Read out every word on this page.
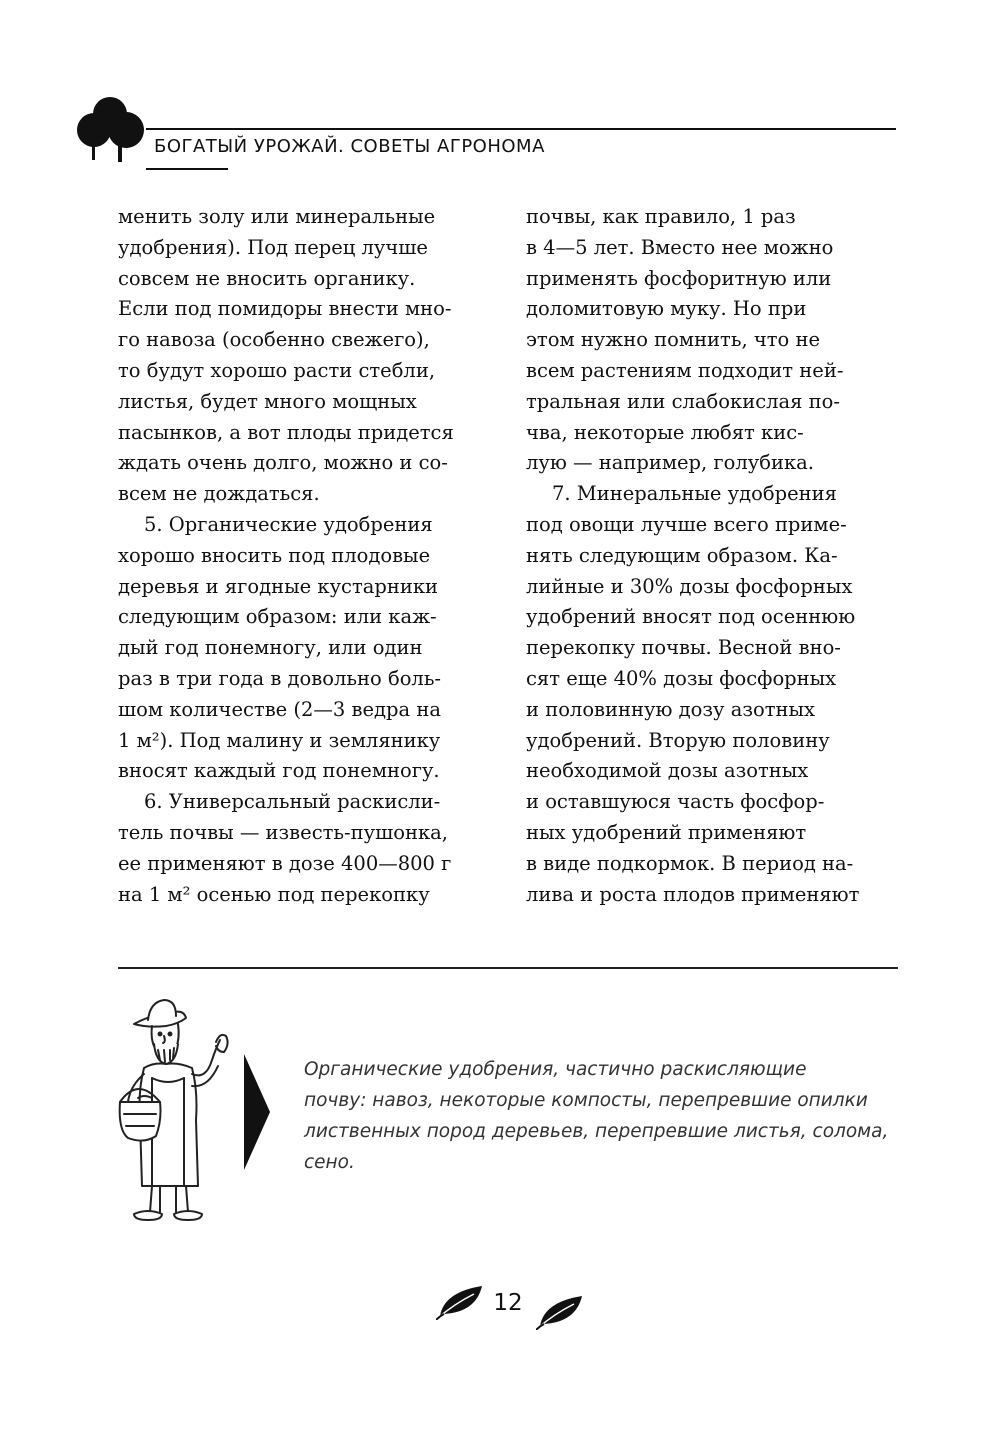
БОГАТЫЙ УРОЖАЙ. СОВЕТЫ АГРОНОМА
менить золу или минеральные
удобрения). Под перец лучше
совсем не вносить органику.
Если под помидоры внести мно-
го навоза (особенно свежего),
то будут хорошо расти стебли,
листья, будет много мощных
пасынков, а вот плоды придется
ждать очень долго, можно и со-
всем не дождаться.
5. Органические удобрения
хорошо вносить под плодовые
деревья и ягодные кустарники
следующим образом: или каж-
дый год понемногу, или один
раз в три года в довольно боль-
шом количестве (2—3 ведра на
1 м²). Под малину и землянику
вносят каждый год понемногу.
6. Универсальный раскисли-
тель почвы — известь-пушонка,
ее применяют в дозе 400—800 г
на 1 м² осенью под перекопку
почвы, как правило, 1 раз
в 4—5 лет. Вместо нее можно
применять фосфоритную или
доломитовую муку. Но при
этом нужно помнить, что не
всем растениям подходит ней-
тральная или слабокислая по-
чва, некоторые любят кис-
лую — например, голубика.
7. Минеральные удобрения
под овощи лучше всего приме-
нять следующим образом. Ка-
лийные и 30% дозы фосфорных
удобрений вносят под осеннюю
перекопку почвы. Весной вно-
сят еще 40% дозы фосфорных
и половинную дозу азотных
удобрений. Вторую половину
необходимой дозы азотных
и оставшуюся часть фосфор-
ных удобрений применяют
в виде подкормок. В период на-
лива и роста плодов применяют
Органические удобрения, частично раскисляющие
почву: навоз, некоторые компосты, перепревшие опилки
лиственных пород деревьев, перепревшие листья, солома,
сено.
12
